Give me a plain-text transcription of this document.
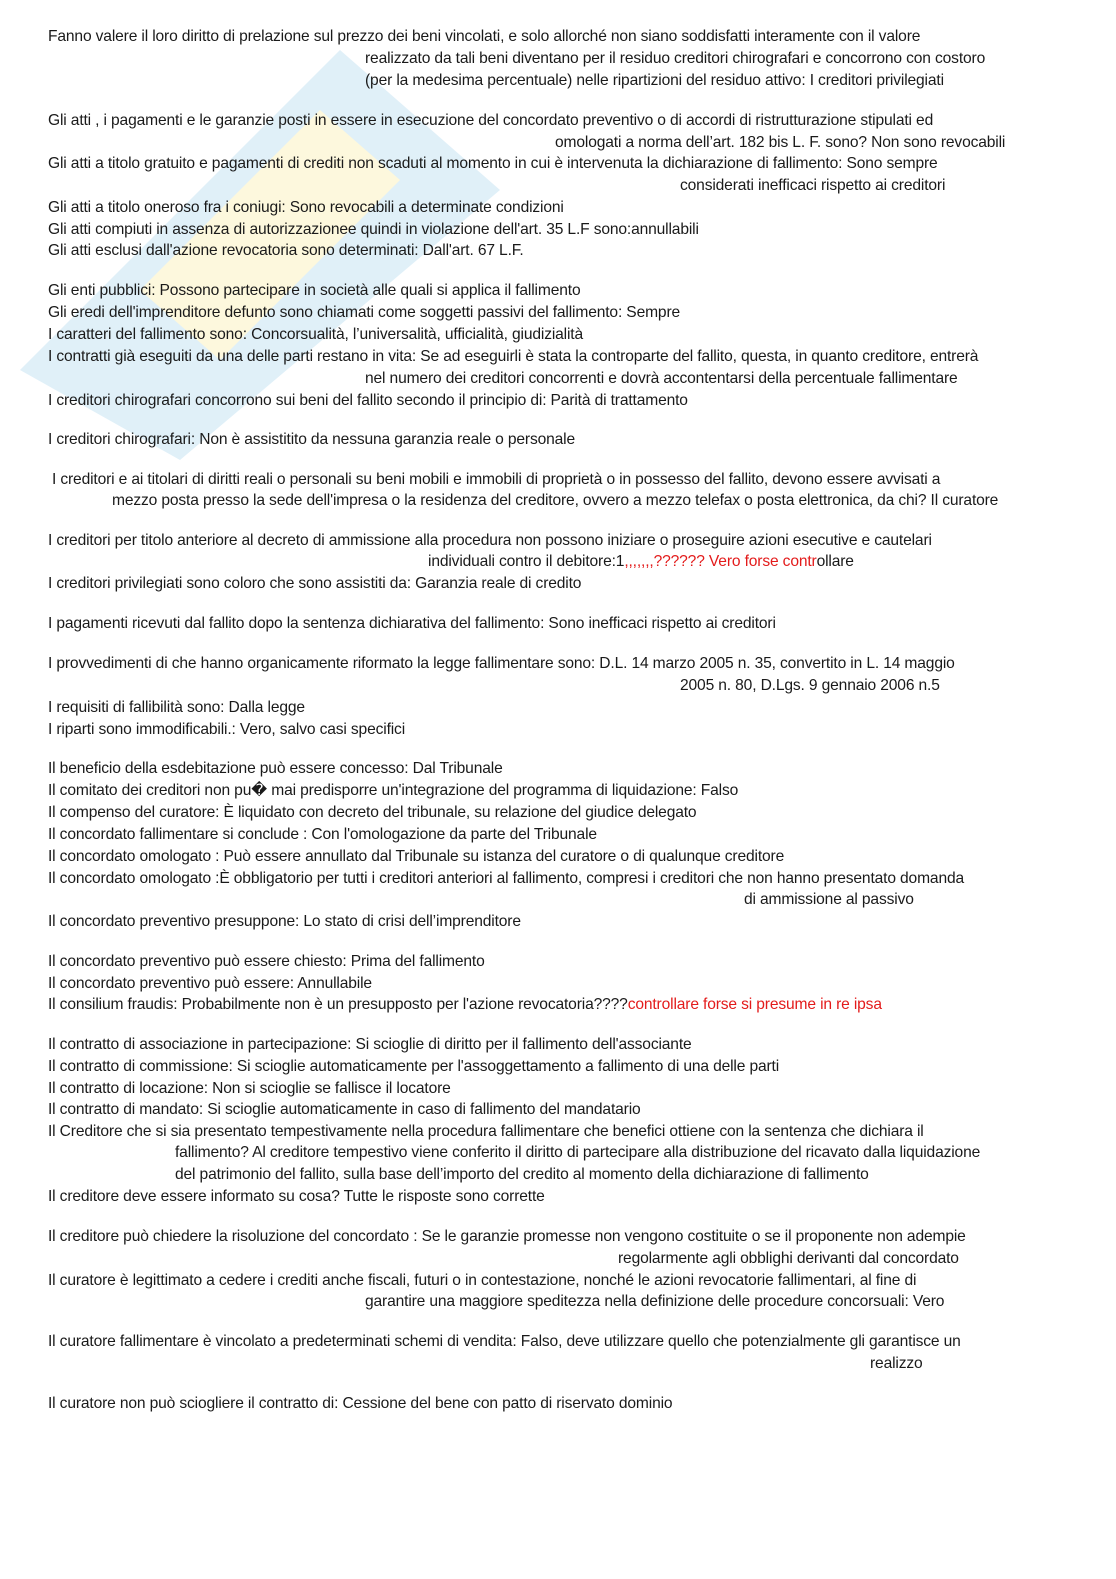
Fanno valere il loro diritto di prelazione sul prezzo dei beni vincolati, e solo allorché non siano soddisfatti interamente con il valore
realizzato da tali beni diventano per il residuo creditori chirografari e concorrono con costoro
(per la medesima percentuale) nelle ripartizioni del residuo attivo: I creditori privilegiati
Gli atti , i pagamenti e le garanzie posti in essere in esecuzione del concordato preventivo o di accordi di ristrutturazione stipulati ed
omologati a norma dell’art. 182 bis L. F. sono? Non sono revocabili
Gli atti a titolo gratuito e pagamenti di crediti non scaduti al momento in cui è intervenuta la dichiarazione di fallimento: Sono sempre
considerati inefficaci rispetto ai creditori
Gli atti a titolo oneroso fra i coniugi: Sono revocabili a determinate condizioni
Gli atti compiuti in assenza di autorizzazionee quindi in violazione dell'art. 35 L.F sono:annullabili
Gli atti esclusi dall'azione revocatoria sono determinati: Dall'art. 67 L.F.
Gli enti pubblici: Possono partecipare in società alle quali si applica il fallimento
Gli eredi dell'imprenditore defunto sono chiamati come soggetti passivi del fallimento: Sempre
I caratteri del fallimento sono: Concorsualità, l’universalità, ufficialità, giudizialità
I contratti già eseguiti da una delle parti restano in vita: Se ad eseguirli è stata la controparte del fallito, questa, in quanto creditore, entrerà
nel numero dei creditori concorrenti e dovrà accontentarsi della percentuale fallimentare
I creditori chirografari concorrono sui beni del fallito secondo il principio di: Parità di trattamento
I creditori chirografari: Non è assistitito da nessuna garanzia reale o personale
I creditori e ai titolari di diritti reali o personali su beni mobili e immobili di proprietà o in possesso del fallito, devono essere avvisati a
mezzo posta presso la sede dell'impresa o la residenza del creditore, ovvero a mezzo telefax o posta elettronica, da chi? Il curatore
I creditori per titolo anteriore al decreto di ammissione alla procedura non possono iniziare o proseguire azioni esecutive e cautelari
individuali contro il debitore:1,,,,,,,?????? Vero forse controllare
I creditori privilegiati sono coloro che sono assistiti da: Garanzia reale di credito
I pagamenti ricevuti dal fallito dopo la sentenza dichiarativa del fallimento: Sono inefficaci rispetto ai creditori
I provvedimenti di che hanno organicamente riformato la legge fallimentare sono: D.L. 14 marzo 2005 n. 35, convertito in L. 14 maggio
2005 n. 80, D.Lgs. 9 gennaio 2006 n.5
I requisiti di fallibilità sono: Dalla legge
I riparti sono immodificabili.: Vero, salvo casi specifici
Il beneficio della esdebitazione può essere concesso: Dal Tribunale
Il comitato dei creditori non pu� mai predisporre un'integrazione del programma di liquidazione: Falso
Il compenso del curatore: È liquidato con decreto del tribunale, su relazione del giudice delegato
Il concordato fallimentare si conclude : Con l'omologazione da parte del Tribunale
Il concordato omologato : Può essere annullato dal Tribunale su istanza del curatore o di qualunque creditore
Il concordato omologato :È obbligatorio per tutti i creditori anteriori al fallimento, compresi i creditori che non hanno presentato domanda
di ammissione al passivo
Il concordato preventivo presuppone: Lo stato di crisi dell’imprenditore
Il concordato preventivo può essere chiesto: Prima del fallimento
Il concordato preventivo può essere: Annullabile
Il consilium fraudis: Probabilmente non è un presupposto per l'azione revocatoria????controllare forse si presume in re ipsa
Il contratto di associazione in partecipazione: Si scioglie di diritto per il fallimento dell'associante
Il contratto di commissione: Si scioglie automaticamente per l'assoggettamento a fallimento di una delle parti
Il contratto di locazione: Non si scioglie se fallisce il locatore
Il contratto di mandato: Si scioglie automaticamente in caso di fallimento del mandatario
Il Creditore che si sia presentato tempestivamente nella procedura fallimentare che benefici ottiene con la sentenza che dichiara il
fallimento? Al creditore tempestivo viene conferito il diritto di partecipare alla distribuzione del ricavato dalla liquidazione
del patrimonio del fallito, sulla base dell’importo del credito al momento della dichiarazione di fallimento
Il creditore deve essere informato su cosa? Tutte le risposte sono corrette
Il creditore può chiedere la risoluzione del concordato : Se le garanzie promesse non vengono costituite o se il proponente non adempie
regolarmente agli obblighi derivanti dal concordato
Il curatore è legittimato a cedere i crediti anche fiscali, futuri o in contestazione, nonché le azioni revocatorie fallimentari, al fine di
garantire una maggiore speditezza nella definizione delle procedure concorsuali: Vero
Il curatore fallimentare è vincolato a predeterminati schemi di vendita: Falso, deve utilizzare quello che potenzialmente gli garantisce un
realizzo
Il curatore non può sciogliere il contratto di: Cessione del bene con patto di riservato dominio
